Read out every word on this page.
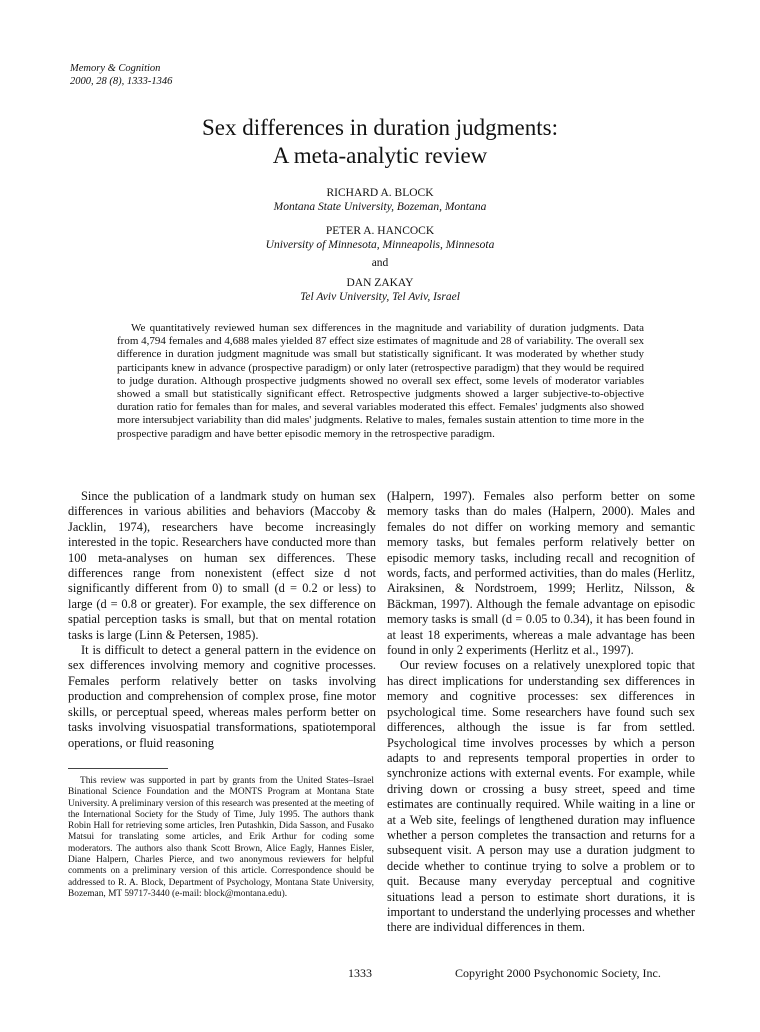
Memory & Cognition
2000, 28 (8), 1333-1346
Sex differences in duration judgments:
A meta-analytic review
RICHARD A. BLOCK
Montana State University, Bozeman, Montana
PETER A. HANCOCK
University of Minnesota, Minneapolis, Minnesota
and
DAN ZAKAY
Tel Aviv University, Tel Aviv, Israel

We quantitatively reviewed human sex differences in the magnitude and variability of duration judgments. Data from 4,794 females and 4,688 males yielded 87 effect size estimates of magnitude and 28 of variability. The overall sex difference in duration judgment magnitude was small but statistically significant. It was moderated by whether study participants knew in advance (prospective paradigm) or only later (retrospective paradigm) that they would be required to judge duration. Although prospective judgments showed no overall sex effect, some levels of moderator variables showed a small but statistically significant effect. Retrospective judgments showed a larger subjective-to-objective duration ratio for females than for males, and several variables moderated this effect. Females' judgments also showed more intersubject variability than did males' judgments. Relative to males, females sustain attention to time more in the prospective paradigm and have better episodic memory in the retrospective paradigm.

Since the publication of a landmark study on human sex differences in various abilities and behaviors (Maccoby & Jacklin, 1974), researchers have become increasingly interested in the topic. Researchers have conducted more than 100 meta-analyses on human sex differences. These differences range from nonexistent (effect size d not significantly different from 0) to small (d = 0.2 or less) to large (d = 0.8 or greater). For example, the sex difference on spatial perception tasks is small, but that on mental rotation tasks is large (Linn & Petersen, 1985).

It is difficult to detect a general pattern in the evidence on sex differences involving memory and cognitive processes. Females perform relatively better on tasks involving production and comprehension of complex prose, fine motor skills, or perceptual speed, whereas males perform better on tasks involving visuospatial transformations, spatiotemporal operations, or fluid reasoning

This review was supported in part by grants from the United States–Israel Binational Science Foundation and the MONTS Program at Montana State University. A preliminary version of this research was presented at the meeting of the International Society for the Study of Time, July 1995. The authors thank Robin Hall for retrieving some articles, Iren Putashkin, Dida Sasson, and Fusako Matsui for translating some articles, and Erik Arthur for coding some moderators. The authors also thank Scott Brown, Alice Eagly, Hannes Eisler, Diane Halpern, Charles Pierce, and two anonymous reviewers for helpful comments on a preliminary version of this article. Correspondence should be addressed to R. A. Block, Department of Psychology, Montana State University, Bozeman, MT 59717-3440 (e-mail: block@montana.edu).

(Halpern, 1997). Females also perform better on some memory tasks than do males (Halpern, 2000). Males and females do not differ on working memory and semantic memory tasks, but females perform relatively better on episodic memory tasks, including recall and recognition of words, facts, and performed activities, than do males (Herlitz, Airaksinen, & Nordstroem, 1999; Herlitz, Nilsson, & Bäckman, 1997). Although the female advantage on episodic memory tasks is small (d = 0.05 to 0.34), it has been found in at least 18 experiments, whereas a male advantage has been found in only 2 experiments (Herlitz et al., 1997).

Our review focuses on a relatively unexplored topic that has direct implications for understanding sex differences in memory and cognitive processes: sex differences in psychological time. Some researchers have found such sex differences, although the issue is far from settled. Psychological time involves processes by which a person adapts to and represents temporal properties in order to synchronize actions with external events. For example, while driving down or crossing a busy street, speed and time estimates are continually required. While waiting in a line or at a Web site, feelings of lengthened duration may influence whether a person completes the transaction and returns for a subsequent visit. A person may use a duration judgment to decide whether to continue trying to solve a problem or to quit. Because many everyday perceptual and cognitive situations lead a person to estimate short durations, it is important to understand the underlying processes and whether there are individual differences in them.

1333	Copyright 2000 Psychonomic Society, Inc.
